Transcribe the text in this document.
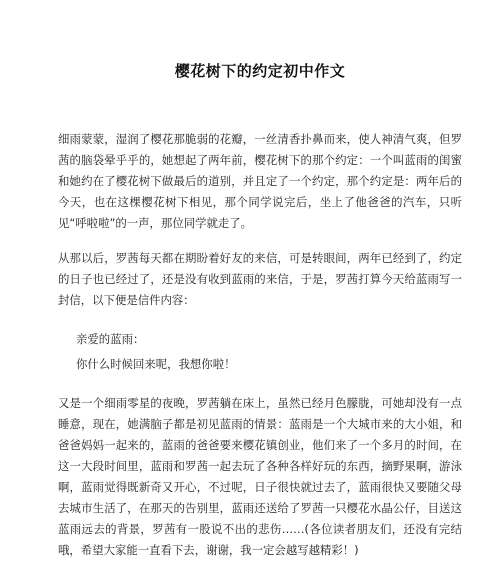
樱花树下的约定初中作文

细雨蒙蒙，湿润了樱花那脆弱的花瓣，一丝清香扑鼻而来，使人神清气爽，但罗茜的脑袋晕乎乎的，她想起了两年前，樱花树下的那个约定：一个叫蓝雨的闺蜜和她约在了樱花树下做最后的道别，并且定了一个约定，那个约定是：两年后的今天，也在这棵樱花树下相见，那个同学说完后，坐上了他爸爸的汽车，只听见“呼啦啦”的一声，那位同学就走了。

从那以后，罗茜每天都在期盼着好友的来信，可是转眼间，两年已经到了，约定的日子也已经过了，还是没有收到蓝雨的来信，于是，罗茜打算今天给蓝雨写一封信，以下便是信件内容：

亲爱的蓝雨：

你什么时候回来呢，我想你啦！

又是一个细雨零星的夜晚，罗茜躺在床上，虽然已经月色朦胧，可她却没有一点睡意，现在，她满脑子都是初见蓝雨的情景：蓝雨是一个大城市来的大小姐，和爸爸妈妈一起来的，蓝雨的爸爸要来樱花镇创业，他们来了一个多月的时间，在这一大段时间里，蓝雨和罗茜一起去玩了各种各样好玩的东西，摘野果啊，游泳啊，蓝雨觉得既新奇又开心，不过呢，日子很快就过去了，蓝雨很快又要随父母去城市生活了，在那天的告别里，蓝雨还送给了罗茜一只樱花水晶公仔，目送这蓝雨远去的背景，罗茜有一股说不出的悲伤……(各位读者朋友们，还没有完结哦，希望大家能一直看下去，谢谢，我一定会越写越精彩！)
